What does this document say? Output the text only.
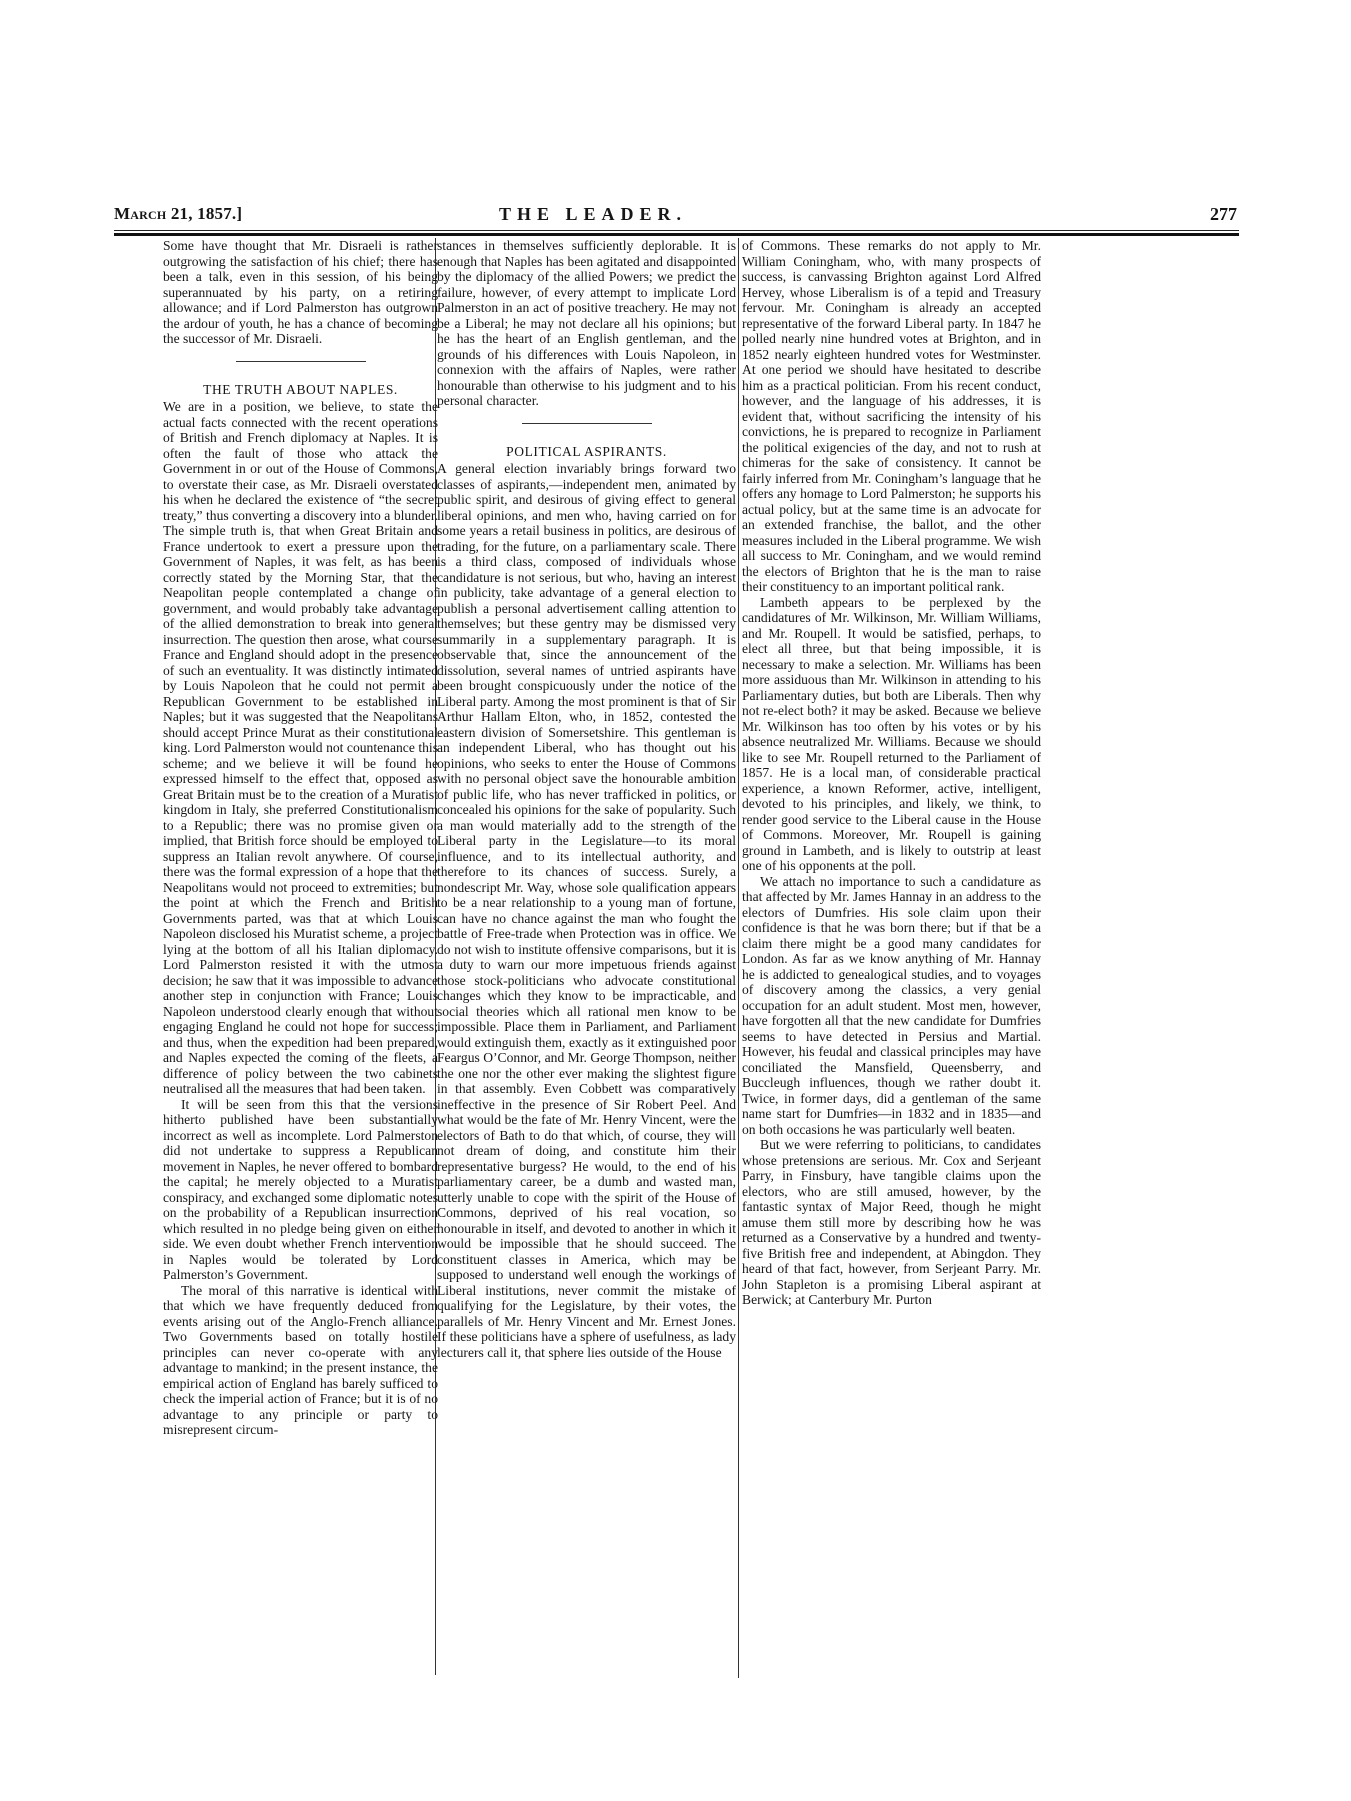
March 21, 1857.]	THE LEADER.	277

Some have thought that Mr. Disraeli is rather outgrowing the satisfaction of his chief; there has been a talk, even in this session, of his being superannuated by his party, on a retiring allowance; and if Lord Palmerston has outgrown the ardour of youth, he has a chance of becoming the successor of Mr. Disraeli.

THE TRUTH ABOUT NAPLES.

We are in a position, we believe, to state the actual facts connected with the recent operations of British and French diplomacy at Naples. It is often the fault of those who attack the Government in or out of the House of Commons, to overstate their case, as Mr. Disraeli overstated his when he declared the existence of “the secret treaty,” thus converting a discovery into a blunder. The simple truth is, that when Great Britain and France undertook to exert a pressure upon the Government of Naples, it was felt, as has been correctly stated by the Morning Star, that the Neapolitan people contemplated a change of government, and would probably take advantage of the allied demonstration to break into general insurrection. The question then arose, what course France and England should adopt in the presence of such an eventuality. It was distinctly intimated by Louis Napoleon that he could not permit a Republican Government to be established in Naples; but it was suggested that the Neapolitans should accept Prince Murat as their constitutional king. Lord Palmerston would not countenance this scheme; and we believe it will be found he expressed himself to the effect that, opposed as Great Britain must be to the creation of a Muratist kingdom in Italy, she preferred Constitutionalism to a Republic; there was no promise given or implied, that British force should be employed to suppress an Italian revolt anywhere. Of course, there was the formal expression of a hope that the Neapolitans would not proceed to extremities; but the point at which the French and British Governments parted, was that at which Louis Napoleon disclosed his Muratist scheme, a project lying at the bottom of all his Italian diplomacy. Lord Palmerston resisted it with the utmost decision; he saw that it was impossible to advance another step in conjunction with France; Louis Napoleon understood clearly enough that without engaging England he could not hope for success; and thus, when the expedition had been prepared, and Naples expected the coming of the fleets, a difference of policy between the two cabinets neutralised all the measures that had been taken.

It will be seen from this that the versions hitherto published have been substantially incorrect as well as incomplete. Lord Palmerston did not undertake to suppress a Republican movement in Naples, he never offered to bombard the capital; he merely objected to a Muratist conspiracy, and exchanged some diplomatic notes on the probability of a Republican insurrection which resulted in no pledge being given on either side. We even doubt whether French intervention in Naples would be tolerated by Lord Palmerston’s Government.

The moral of this narrative is identical with that which we have frequently deduced from events arising out of the Anglo-French alliance. Two Governments based on totally hostile principles can never co-operate with any advantage to mankind; in the present instance, the empirical action of England has barely sufficed to check the imperial action of France; but it is of no advantage to any principle or party to misrepresent circum-

stances in themselves sufficiently deplorable. It is enough that Naples has been agitated and disappointed by the diplomacy of the allied Powers; we predict the failure, however, of every attempt to implicate Lord Palmerston in an act of positive treachery. He may not be a Liberal; he may not declare all his opinions; but he has the heart of an English gentleman, and the grounds of his differences with Louis Napoleon, in connexion with the affairs of Naples, were rather honourable than otherwise to his judgment and to his personal character.

POLITICAL ASPIRANTS.

A general election invariably brings forward two classes of aspirants,—independent men, animated by public spirit, and desirous of giving effect to general liberal opinions, and men who, having carried on for some years a retail business in politics, are desirous of trading, for the future, on a parliamentary scale. There is a third class, composed of individuals whose candidature is not serious, but who, having an interest in publicity, take advantage of a general election to publish a personal advertisement calling attention to themselves; but these gentry may be dismissed very summarily in a supplementary paragraph. It is observable that, since the announcement of the dissolution, several names of untried aspirants have been brought conspicuously under the notice of the Liberal party. Among the most prominent is that of Sir Arthur Hallam Elton, who, in 1852, contested the eastern division of Somersetshire. This gentleman is an independent Liberal, who has thought out his opinions, who seeks to enter the House of Commons with no personal object save the honourable ambition of public life, who has never trafficked in politics, or concealed his opinions for the sake of popularity. Such a man would materially add to the strength of the Liberal party in the Legislature—to its moral influence, and to its intellectual authority, and therefore to its chances of success. Surely, a nondescript Mr. Way, whose sole qualification appears to be a near relationship to a young man of fortune, can have no chance against the man who fought the battle of Free-trade when Protection was in office. We do not wish to institute offensive comparisons, but it is a duty to warn our more impetuous friends against those stock-politicians who advocate constitutional changes which they know to be impracticable, and social theories which all rational men know to be impossible. Place them in Parliament, and Parliament would extinguish them, exactly as it extinguished poor Feargus O’Connor, and Mr. George Thompson, neither the one nor the other ever making the slightest figure in that assembly. Even Cobbett was comparatively ineffective in the presence of Sir Robert Peel. And what would be the fate of Mr. Henry Vincent, were the electors of Bath to do that which, of course, they will not dream of doing, and constitute him their representative burgess? He would, to the end of his parliamentary career, be a dumb and wasted man, utterly unable to cope with the spirit of the House of Commons, deprived of his real vocation, so honourable in itself, and devoted to another in which it would be impossible that he should succeed. The constituent classes in America, which may be supposed to understand well enough the workings of Liberal institutions, never commit the mistake of qualifying for the Legislature, by their votes, the parallels of Mr. Henry Vincent and Mr. Ernest Jones. If these politicians have a sphere of usefulness, as lady lecturers call it, that sphere lies outside of the House

of Commons. These remarks do not apply to Mr. William Coningham, who, with many prospects of success, is canvassing Brighton against Lord Alfred Hervey, whose Liberalism is of a tepid and Treasury fervour. Mr. Coningham is already an accepted representative of the forward Liberal party. In 1847 he polled nearly nine hundred votes at Brighton, and in 1852 nearly eighteen hundred votes for Westminster. At one period we should have hesitated to describe him as a practical politician. From his recent conduct, however, and the language of his addresses, it is evident that, without sacrificing the intensity of his convictions, he is prepared to recognize in Parliament the political exigencies of the day, and not to rush at chimeras for the sake of consistency. It cannot be fairly inferred from Mr. Coningham’s language that he offers any homage to Lord Palmerston; he supports his actual policy, but at the same time is an advocate for an extended franchise, the ballot, and the other measures included in the Liberal programme. We wish all success to Mr. Coningham, and we would remind the electors of Brighton that he is the man to raise their constituency to an important political rank.

Lambeth appears to be perplexed by the candidatures of Mr. Wilkinson, Mr. William Williams, and Mr. Roupell. It would be satisfied, perhaps, to elect all three, but that being impossible, it is necessary to make a selection. Mr. Williams has been more assiduous than Mr. Wilkinson in attending to his Parliamentary duties, but both are Liberals. Then why not re-elect both? it may be asked. Because we believe Mr. Wilkinson has too often by his votes or by his absence neutralized Mr. Williams. Because we should like to see Mr. Roupell returned to the Parliament of 1857. He is a local man, of considerable practical experience, a known Reformer, active, intelligent, devoted to his principles, and likely, we think, to render good service to the Liberal cause in the House of Commons. Moreover, Mr. Roupell is gaining ground in Lambeth, and is likely to outstrip at least one of his opponents at the poll.

We attach no importance to such a candidature as that affected by Mr. James Hannay in an address to the electors of Dumfries. His sole claim upon their confidence is that he was born there; but if that be a claim there might be a good many candidates for London. As far as we know anything of Mr. Hannay he is addicted to genealogical studies, and to voyages of discovery among the classics, a very genial occupation for an adult student. Most men, however, have forgotten all that the new candidate for Dumfries seems to have detected in Persius and Martial. However, his feudal and classical principles may have conciliated the Mansfield, Queensberry, and Buccleugh influences, though we rather doubt it. Twice, in former days, did a gentleman of the same name start for Dumfries—in 1832 and in 1835—and on both occasions he was particularly well beaten.

But we were referring to politicians, to candidates whose pretensions are serious. Mr. Cox and Serjeant Parry, in Finsbury, have tangible claims upon the electors, who are still amused, however, by the fantastic syntax of Major Reed, though he might amuse them still more by describing how he was returned as a Conservative by a hundred and twenty-five British free and independent, at Abingdon. They heard of that fact, however, from Serjeant Parry. Mr. John Stapleton is a promising Liberal aspirant at Berwick; at Canterbury Mr. Purton
